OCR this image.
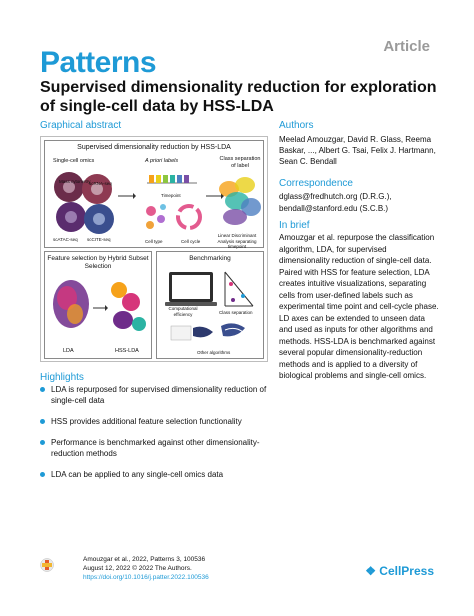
Patterns	Article
Supervised dimensionality reduction for exploration of single-cell data by HSS-LDA
Graphical abstract
Supervised dimensionality reduction by HSS-LDA
Single-cell omics
Mass cytometry
scRNA-seq
scATAC-seq scCITE-seq
A priori labels
Timepoint
Cell type	Cell cycle
Class separation of label
Linear Discriminant Analysis separating timepoint
Feature selection by Hybrid Subset Selection
LDA	HSS-LDA
Benchmarking
Computational efficiency	Class separation
Other algorithms
Authors
Meelad Amouzgar, David R. Glass, Reema Baskar, ..., Albert G. Tsai, Felix J. Hartmann, Sean C. Bendall
Correspondence
dglass@fredhutch.org (D.R.G.), bendall@stanford.edu (S.C.B.)
In brief
Amouzgar et al. repurpose the classification algorithm, LDA, for supervised dimensionality reduction of single-cell data. Paired with HSS for feature selection, LDA creates intuitive visualizations, separating cells from user-defined labels such as experimental time point and cell-cycle phase. LD axes can be extended to unseen data and used as inputs for other algorithms and methods. HSS-LDA is benchmarked against several popular dimensionality-reduction methods and is applied to a diversity of biological problems and single-cell omics.
Highlights
LDA is repurposed for supervised dimensionality reduction of single-cell data
HSS provides additional feature selection functionality
Performance is benchmarked against other dimensionality-reduction methods
LDA can be applied to any single-cell omics data
Amouzgar et al., 2022, Patterns 3, 100536
August 12, 2022 © 2022 The Authors.
https://doi.org/10.1016/j.patter.2022.100536	❖ CellPress
